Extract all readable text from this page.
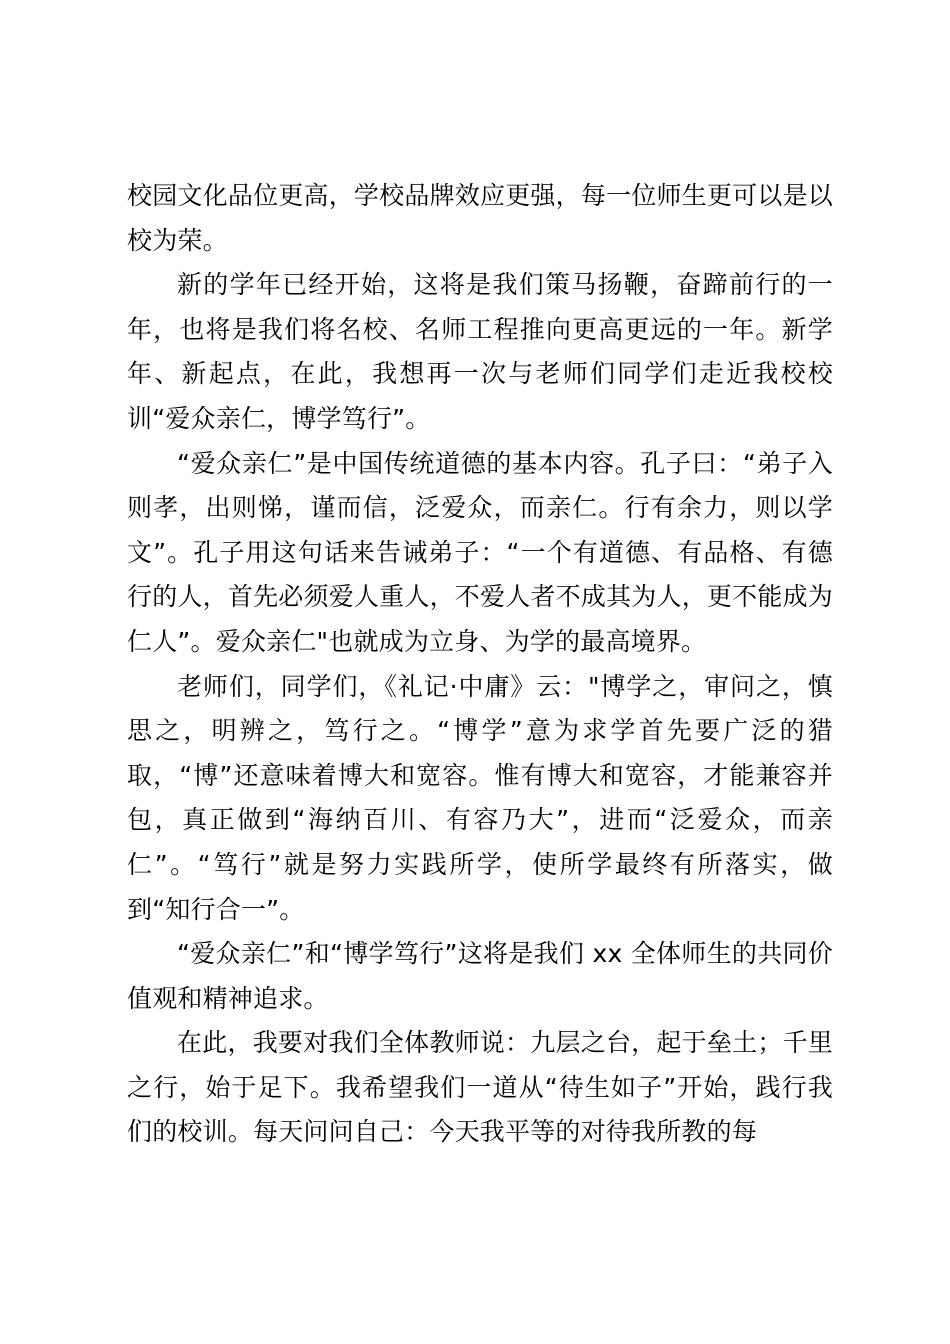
校园文化品位更高，学校品牌效应更强，每一位师生更可以是以校为荣。

新的学年已经开始，这将是我们策马扬鞭，奋蹄前行的一年，也将是我们将名校、名师工程推向更高更远的一年。新学年、新起点，在此，我想再一次与老师们同学们走近我校校训“爱众亲仁，博学笃行”。

“爱众亲仁”是中国传统道德的基本内容。孔子曰：“弟子入则孝，出则悌，谨而信，泛爱众，而亲仁。行有余力，则以学文”。孔子用这句话来告诫弟子：“一个有道德、有品格、有德行的人，首先必须爱人重人，不爱人者不成其为人，更不能成为仁人”。爱众亲仁"也就成为立身、为学的最高境界。

老师们，同学们，《礼记·中庸》云："博学之，审问之，慎思之，明辨之，笃行之。“博学”意为求学首先要广泛的猎取，“博”还意味着博大和宽容。惟有博大和宽容，才能兼容并包，真正做到“海纳百川、有容乃大”，进而“泛爱众，而亲仁”。“笃行”就是努力实践所学，使所学最终有所落实，做到“知行合一”。

“爱众亲仁”和“博学笃行”这将是我们 xx 全体师生的共同价值观和精神追求。

在此，我要对我们全体教师说：九层之台，起于垒土；千里之行，始于足下。我希望我们一道从“待生如子”开始，践行我们的校训。每天问问自己：今天我平等的对待我所教的每
